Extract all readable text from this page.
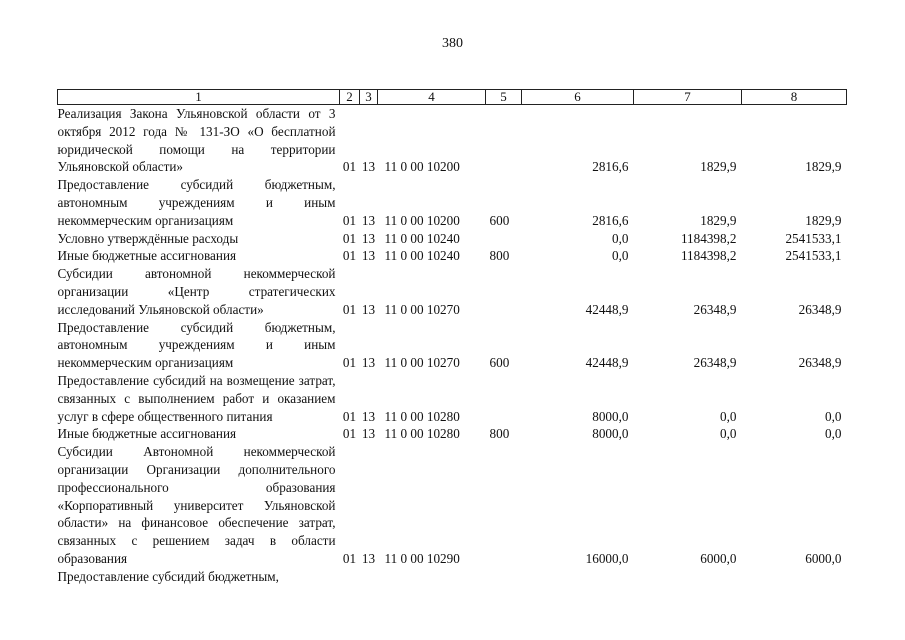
380
1	2	3	4	5	6	7	8
Реализация Закона Ульяновской области от 3 октября 2012 года № 131-ЗО «О бесплатной юридической помощи на территории Ульяновской области»	01	13	11 0 00 10200		2816,6	1829,9	1829,9
Предоставление субсидий бюджетным, автономным учреждениям и иным некоммерческим организациям	01	13	11 0 00 10200	600	2816,6	1829,9	1829,9
Условно утверждённые расходы	01	13	11 0 00 10240		0,0	1184398,2	2541533,1
Иные бюджетные ассигнования	01	13	11 0 00 10240	800	0,0	1184398,2	2541533,1
Субсидии автономной некоммерческой организации «Центр стратегических исследований Ульяновской области»	01	13	11 0 00 10270		42448,9	26348,9	26348,9
Предоставление субсидий бюджетным, автономным учреждениям и иным некоммерческим организациям	01	13	11 0 00 10270	600	42448,9	26348,9	26348,9
Предоставление субсидий на возмещение затрат, связанных с выполнением работ и оказанием услуг в сфере общественного питания	01	13	11 0 00 10280		8000,0	0,0	0,0
Иные бюджетные ассигнования	01	13	11 0 00 10280	800	8000,0	0,0	0,0
Субсидии Автономной некоммерческой организации Организации дополнительного профессионального образования «Корпоративный университет Ульяновской области» на финансовое обеспечение затрат, связанных с решением задач в области образования	01	13	11 0 00 10290		16000,0	6000,0	6000,0
Предоставление субсидий бюджетным,							
